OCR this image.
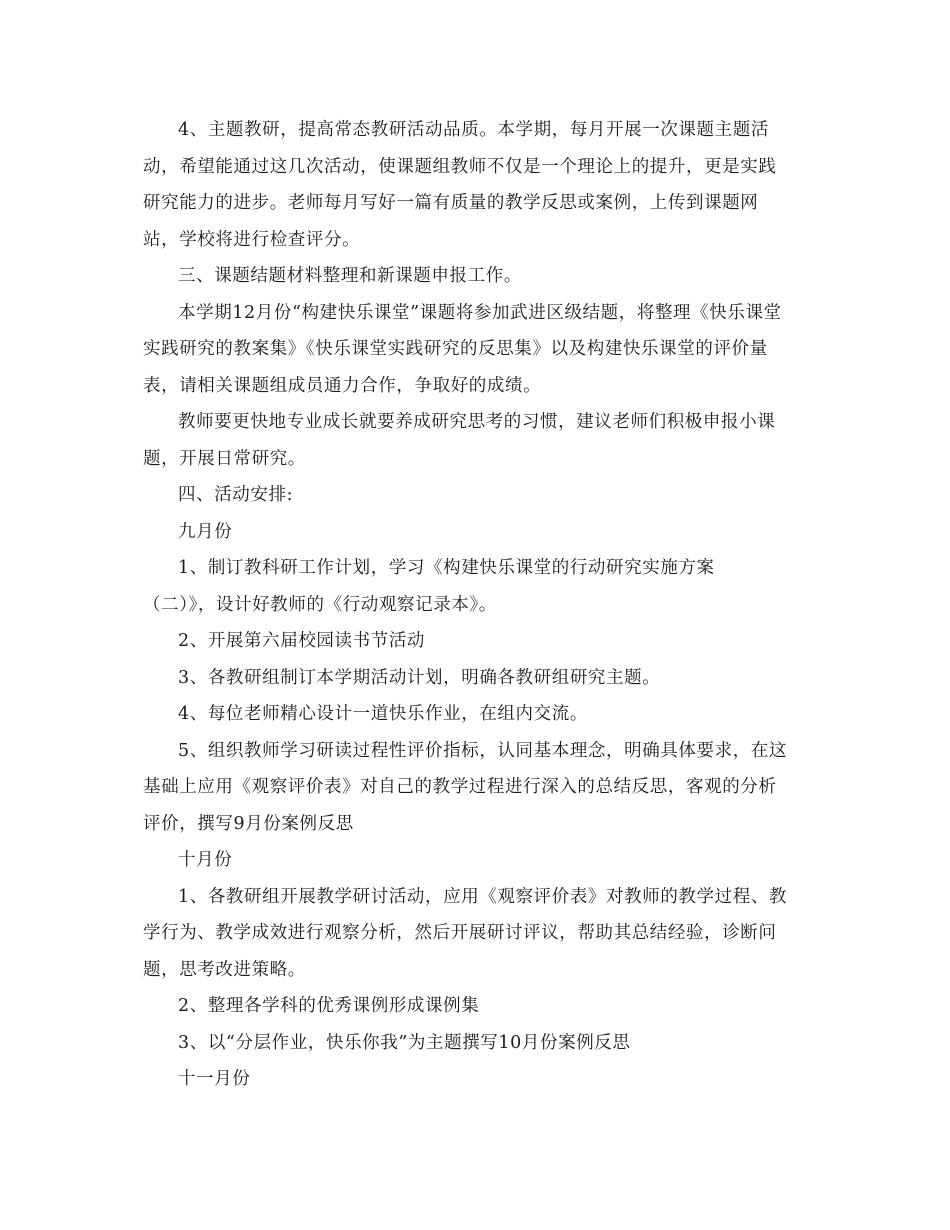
4、主题教研，提高常态教研活动品质。本学期，每月开展一次课题主题活
动，希望能通过这几次活动，使课题组教师不仅是一个理论上的提升，更是实践
研究能力的进步。老师每月写好一篇有质量的教学反思或案例，上传到课题网
站，学校将进行检查评分。
三、课题结题材料整理和新课题申报工作。
本学期12月份“构建快乐课堂”课题将参加武进区级结题，将整理《快乐课堂
实践研究的教案集》《快乐课堂实践研究的反思集》以及构建快乐课堂的评价量
表，请相关课题组成员通力合作，争取好的成绩。
教师要更快地专业成长就要养成研究思考的习惯，建议老师们积极申报小课
题，开展日常研究。
四、活动安排:
九月份
1、制订教科研工作计划，学习《构建快乐课堂的行动研究实施方案
（二）》，设计好教师的《行动观察记录本》。
2、开展第六届校园读书节活动
3、各教研组制订本学期活动计划，明确各教研组研究主题。
4、每位老师精心设计一道快乐作业，在组内交流。
5、组织教师学习研读过程性评价指标，认同基本理念，明确具体要求，在这
基础上应用《观察评价表》对自己的教学过程进行深入的总结反思，客观的分析
评价，撰写9月份案例反思
十月份
1、各教研组开展教学研讨活动，应用《观察评价表》对教师的教学过程、教
学行为、教学成效进行观察分析，然后开展研讨评议，帮助其总结经验，诊断问
题，思考改进策略。
2、整理各学科的优秀课例形成课例集
3、以“分层作业，快乐你我”为主题撰写10月份案例反思
十一月份
